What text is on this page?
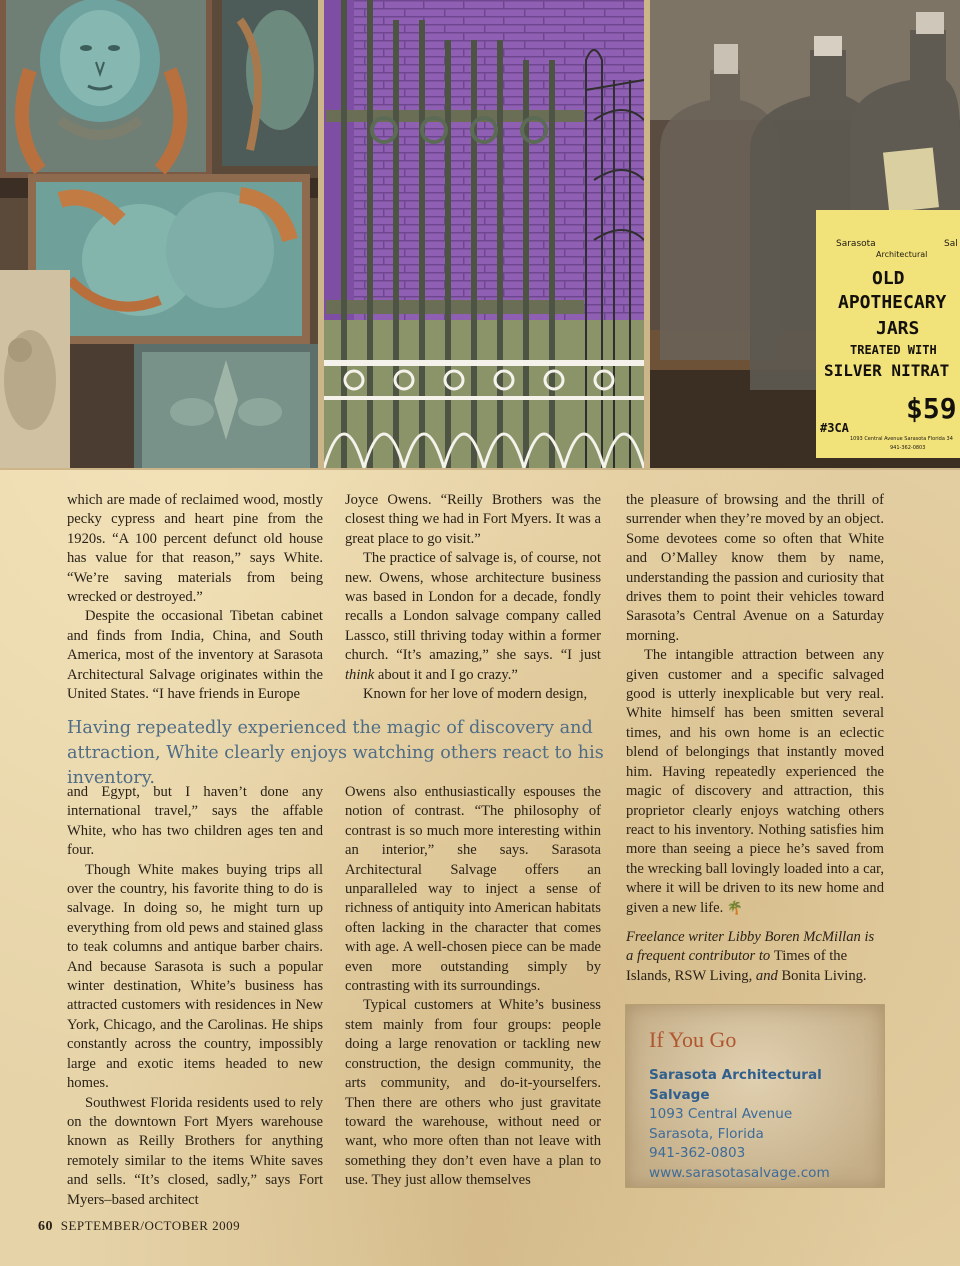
Sarasota	Sal
Architectural
OLD
APOTHECARY
JARS
TREATED WITH
SILVER NITRAT
$59
#3CA
1093 Central Avenue Sarasota Florida 34
941-362-0803

which are made of reclaimed wood, mostly pecky cypress and heart pine from the 1920s. “A 100 percent defunct old house has value for that reason,” says White. “We’re saving materials from being wrecked or destroyed.”

Despite the occasional Tibetan cabinet and finds from India, China, and South America, most of the inventory at Sarasota Architectural Salvage originates within the United States. “I have friends in Europe

Joyce Owens. “Reilly Brothers was the closest thing we had in Fort Myers. It was a great place to go visit.”

The practice of salvage is, of course, not new. Owens, whose architecture business was based in London for a decade, fondly recalls a London salvage company called Lassco, still thriving today within a former church. “It’s amazing,” she says. “I just think about it and I go crazy.”

Known for her love of modern design,

Having repeatedly experienced the magic of discovery and attraction, White clearly enjoys watching others react to his inventory.

and Egypt, but I haven’t done any international travel,” says the affable White, who has two children ages ten and four.

Though White makes buying trips all over the country, his favorite thing to do is salvage. In doing so, he might turn up everything from old pews and stained glass to teak columns and antique barber chairs. And because Sarasota is such a popular winter destination, White’s business has attracted customers with residences in New York, Chicago, and the Carolinas. He ships constantly across the country, impossibly large and exotic items headed to new homes.

Southwest Florida residents used to rely on the downtown Fort Myers warehouse known as Reilly Brothers for anything remotely similar to the items White saves and sells. “It’s closed, sadly,” says Fort Myers–based architect

Owens also enthusiastically espouses the notion of contrast. “The philosophy of contrast is so much more interesting within an interior,” she says. Sarasota Architectural Salvage offers an unparalleled way to inject a sense of richness of antiquity into American habitats often lacking in the character that comes with age. A well-chosen piece can be made even more outstanding simply by contrasting with its surroundings.

Typical customers at White’s business stem mainly from four groups: people doing a large renovation or tackling new construction, the design community, the arts community, and do-it-yourselfers. Then there are others who just gravitate toward the warehouse, without need or want, who more often than not leave with something they don’t even have a plan to use. They just allow themselves

the pleasure of browsing and the thrill of surrender when they’re moved by an object. Some devotees come so often that White and O’Malley know them by name, understanding the passion and curiosity that drives them to point their vehicles toward Sarasota’s Central Avenue on a Saturday morning.

The intangible attraction between any given customer and a specific salvaged good is utterly inexplicable but very real. White himself has been smitten several times, and his own home is an eclectic blend of belongings that instantly moved him. Having repeatedly experienced the magic of discovery and attraction, this proprietor clearly enjoys watching others react to his inventory. Nothing satisfies him more than seeing a piece he’s saved from the wrecking ball lovingly loaded into a car, where it will be driven to its new home and given a new life. 🌴

Freelance writer Libby Boren McMillan is a frequent contributor to Times of the Islands, RSW Living, and Bonita Living.

If You Go
Sarasota Architectural Salvage
1093 Central Avenue
Sarasota, Florida
941-362-0803
www.sarasotasalvage.com
60 SEPTEMBER/OCTOBER 2009
